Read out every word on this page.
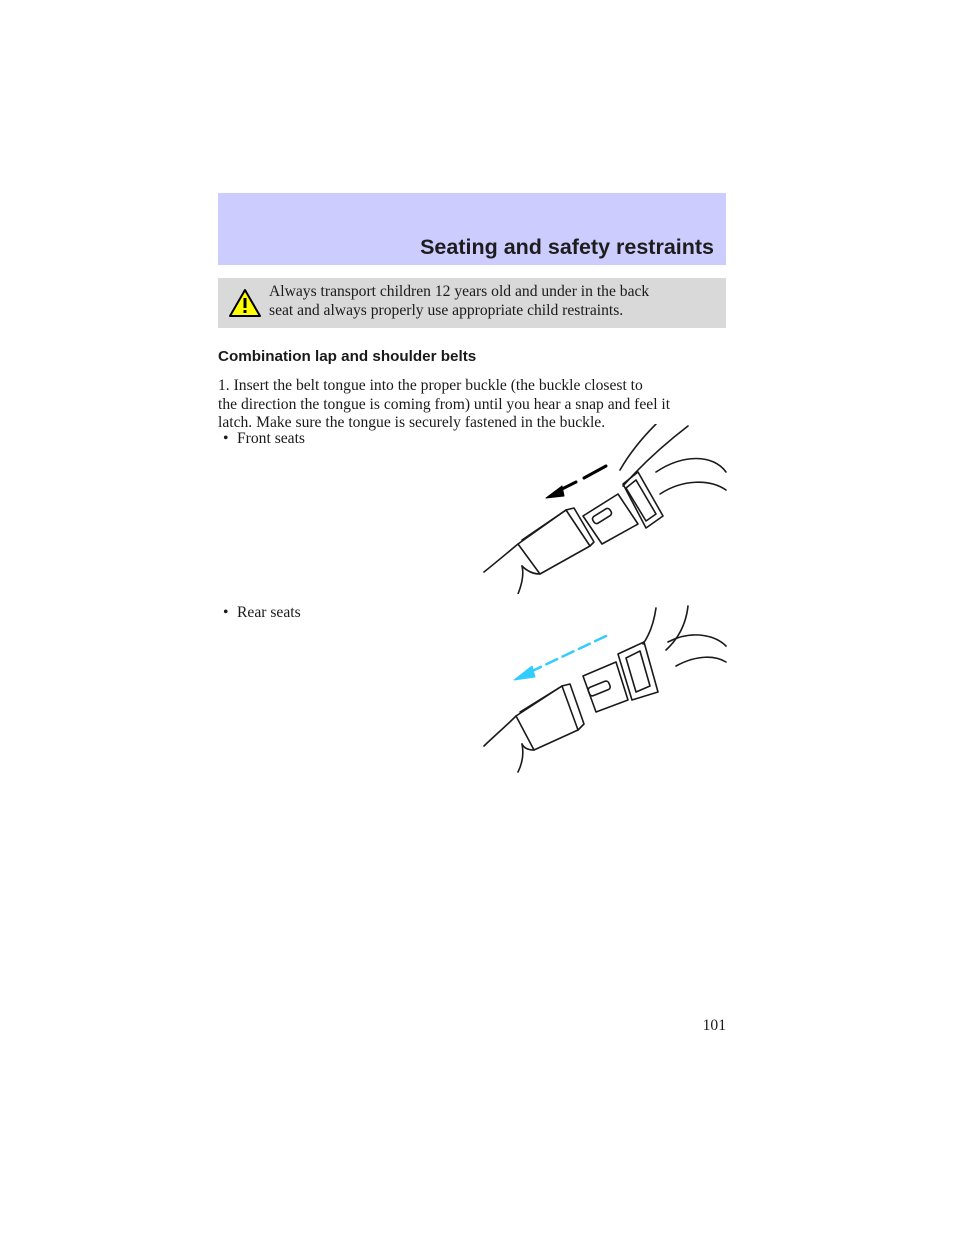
Seating and safety restraints
Always transport children 12 years old and under in the back
seat and always properly use appropriate child restraints.
Combination lap and shoulder belts
1. Insert the belt tongue into the proper buckle (the buckle closest to
the direction the tongue is coming from) until you hear a snap and feel it
latch. Make sure the tongue is securely fastened in the buckle.
• Front seats
• Rear seats
101
